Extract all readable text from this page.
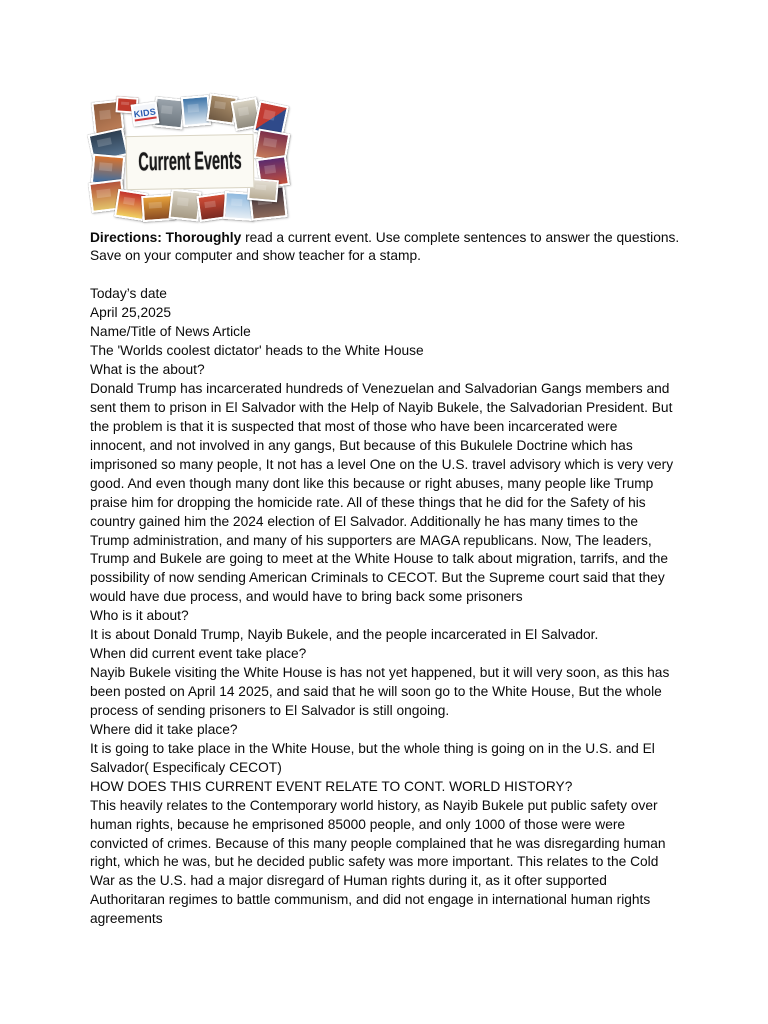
KIDS
Current Events
Directions: Thoroughly read a current event. Use complete sentences to answer the questions.
Save on your computer and show teacher for a stamp.
Today’s date
April 25,2025
Name/Title of News Article
The 'Worlds coolest dictator' heads to the White House
What is the about?
Donald Trump has incarcerated hundreds of Venezuelan and Salvadorian Gangs members and
sent them to prison in El Salvador with the Help of Nayib Bukele, the Salvadorian President. But
the problem is that it is suspected that most of those who have been incarcerated were
innocent, and not involved in any gangs, But because of this Bukulele Doctrine which has
imprisoned so many people, It not has a level One on the U.S. travel advisory which is very very
good. And even though many dont like this because or right abuses, many people like Trump
praise him for dropping the homicide rate. All of these things that he did for the Safety of his
country gained him the 2024 election of El Salvador. Additionally he has many times to the
Trump administration, and many of his supporters are MAGA republicans. Now, The leaders,
Trump and Bukele are going to meet at the White House to talk about migration, tarrifs, and the
possibility of now sending American Criminals to CECOT. But the Supreme court said that they
would have due process, and would have to bring back some prisoners
Who is it about?
It is about Donald Trump, Nayib Bukele, and the people incarcerated in El Salvador.
When did current event take place?
Nayib Bukele visiting the White House is has not yet happened, but it will very soon, as this has
been posted on April 14 2025, and said that he will soon go to the White House, But the whole
process of sending prisoners to El Salvador is still ongoing.
Where did it take place?
It is going to take place in the White House, but the whole thing is going on in the U.S. and El
Salvador( Especificaly CECOT)
HOW DOES THIS CURRENT EVENT RELATE TO CONT. WORLD HISTORY?
This heavily relates to the Contemporary world history, as Nayib Bukele put public safety over
human rights, because he emprisoned 85000 people, and only 1000 of those were were
convicted of crimes. Because of this many people complained that he was disregarding human
right, which he was, but he decided public safety was more important. This relates to the Cold
War as the U.S. had a major disregard of Human rights during it, as it ofter supported
Authoritaran regimes to battle communism, and did not engage in international human rights
agreements
